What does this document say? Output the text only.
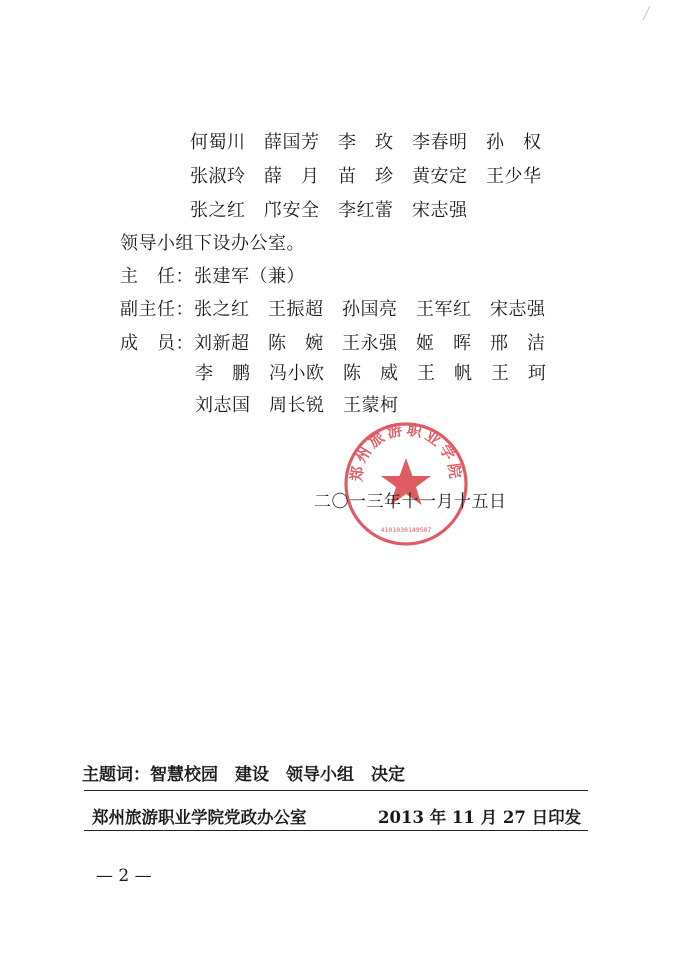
何蜀川　薛国芳　李　玫　李春明　孙　权
张淑玲　薛　月　苗　珍　黄安定　王少华
张之红　邝安全　李红蕾　宋志强
领导小组下设办公室。
主　任：张建军（兼）
副主任：张之红　王振超　孙国亮　王军红　宋志强
成　员：刘新超　陈　婉　王永强　姬　晖　邢　洁
李　鹏　冯小欧　陈　威　王　帆　王　珂
刘志国　周长锐　王蒙柯
郑州旅游职业学院
4101030149507
二〇一三年十一月十五日
主题词：智慧校园　建设　领导小组　决定
郑州旅游职业学院党政办公室	2013 年 11 月 27 日印发
— 2 —
